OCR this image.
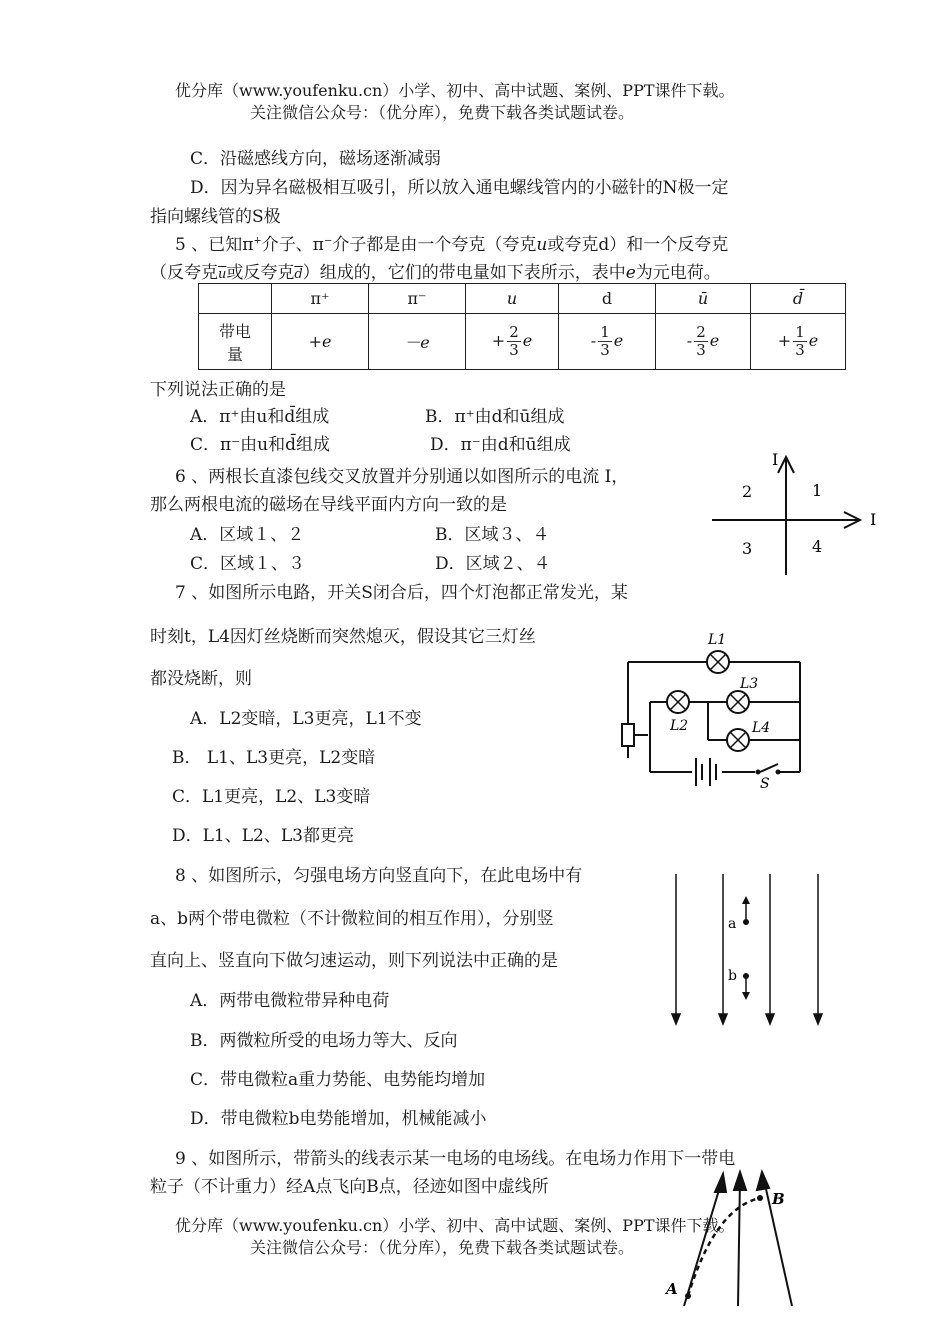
优分库（www.youfenku.cn）小学、初中、高中试题、案例、PPT课件下载。
关注微信公众号：（优分库），免费下载各类试题试卷。
C．沿磁感线方向，磁场逐渐减弱
D．因为异名磁极相互吸引，所以放入通电螺线管内的小磁针的N极一定
指向螺线管的S极
5 、已知π+介子、π−介子都是由一个夸克（夸克u或夸克d）和一个反夸克
（反夸克$\overline{u}$或反夸克$\overline{d}$）组成的，它们的带电量如下表所示，表中e为元电荷。
	π⁺	π⁻	u	d	ū	d̄
带电
量	+e	－e	+ $\frac{2}{3}$ e	- $\frac{1}{3}$ e	- $\frac{2}{3}$ e	+ $\frac{1}{3}$ e
下列说法正确的是
A．π⁺由u和d̄组成	B．π⁺由d和ū组成
C．π⁻由u和d̄组成	D．π⁻由d和ū组成
6 、两根长直漆包线交叉放置并分别通以如图所示的电流 I，
那么两根电流的磁场在导线平面内方向一致的是
A．区域１、２	B．区域３、４
C．区域１、３	D．区域２、４
I
I
1
2
3	4
7 、如图所示电路，开关S闭合后，四个灯泡都正常发光，某
时刻t，L4因灯丝烧断而突然熄灭，假设其它三灯丝
都没烧断，则
A．L2变暗，L3更亮，L1不变
B． L1、L3更亮，L2变暗
C．L1更亮，L2、L3变暗
D．L1、L2、L3都更亮
L1
L2
L3
L4
S
8 、如图所示，匀强电场方向竖直向下，在此电场中有
a、b两个带电微粒（不计微粒间的相互作用），分别竖
直向上、竖直向下做匀速运动，则下列说法中正确的是
A．两带电微粒带异种电荷
B．两微粒所受的电场力等大、反向
C．带电微粒a重力势能、电势能均增加
D．带电微粒b电势能增加，机械能减小
a
b
9 、如图所示，带箭头的线表示某一电场的电场线。在电场力作用下一带电
粒子（不计重力）经A点飞向B点，径迹如图中虚线所
优分库（www.youfenku.cn）小学、初中、高中试题、案例、PPT课件下载。
关注微信公众号：（优分库），免费下载各类试题试卷。
A
B
